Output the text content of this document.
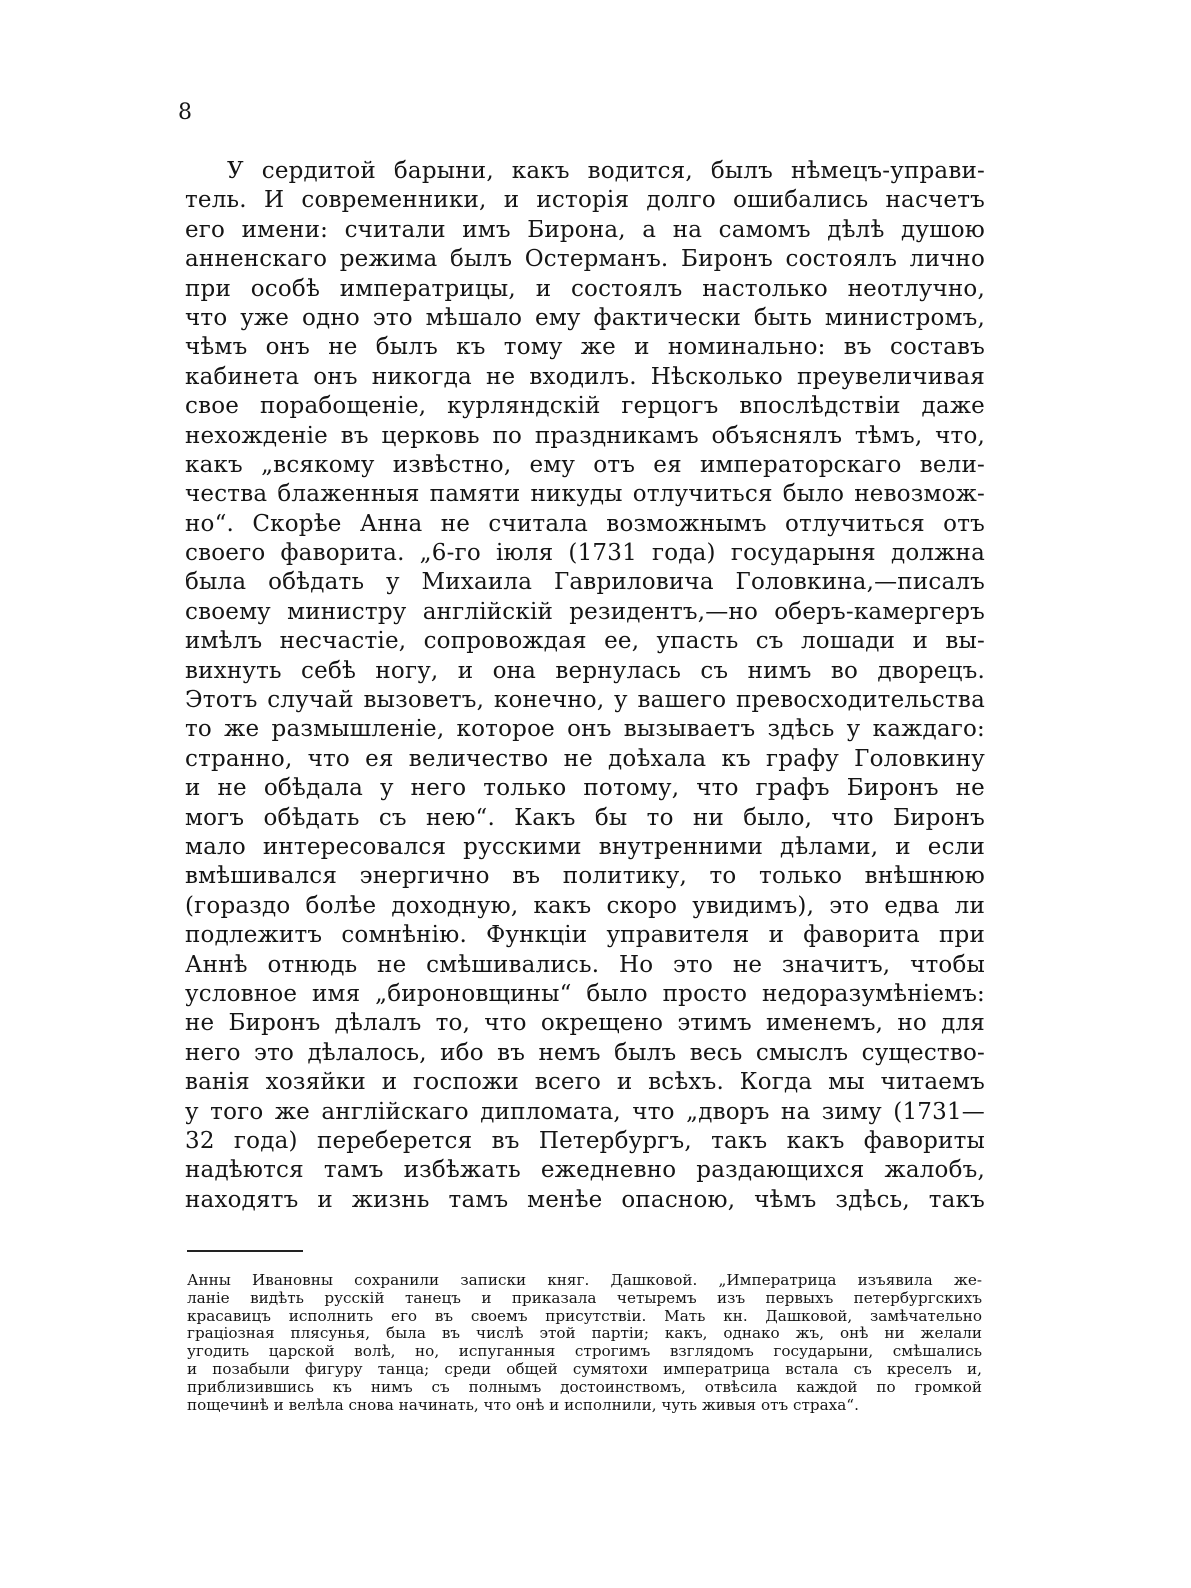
8
У сердитой барыни, какъ водится, былъ нѣмецъ-управи-
тель. И современники, и исторія долго ошибались насчетъ
его имени: считали имъ Бирона, а на самомъ дѣлѣ душою
анненскаго режима былъ Остерманъ. Биронъ состоялъ лично
при особѣ императрицы, и состоялъ настолько неотлучно,
что уже одно это мѣшало ему фактически быть министромъ,
чѣмъ онъ не былъ къ тому же и номинально: въ составъ
кабинета онъ никогда не входилъ. Нѣсколько преувеличивая
свое порабощеніе, курляндскій герцогъ впослѣдствіи даже
нехожденіе въ церковь по праздникамъ объяснялъ тѣмъ, что,
какъ „всякому извѣстно, ему отъ ея императорскаго вели-
чества блаженныя памяти никуды отлучиться было невозмож-
но“. Скорѣе Анна не считала возможнымъ отлучиться отъ
своего фаворита. „6-го іюля (1731 года) государыня должна
была обѣдать у Михаила Гавриловича Головкина,—писалъ
своему министру англійскій резидентъ,—но оберъ-камергеръ
имѣлъ несчастіе, сопровождая ее, упасть съ лошади и вы-
вихнуть себѣ ногу, и она вернулась съ нимъ во дворецъ.
Этотъ случай вызоветъ, конечно, у вашего превосходительства
то же размышленіе, которое онъ вызываетъ здѣсь у каждаго:
странно, что ея величество не доѣхала къ графу Головкину
и не обѣдала у него только потому, что графъ Биронъ не
могъ обѣдать съ нею“. Какъ бы то ни было, что Биронъ
мало интересовался русскими внутренними дѣлами, и если
вмѣшивался энергично въ политику, то только внѣшнюю
(гораздо болѣе доходную, какъ скоро увидимъ), это едва ли
подлежитъ сомнѣнію. Функціи управителя и фаворита при
Аннѣ отнюдь не смѣшивались. Но это не значитъ, чтобы
условное имя „бироновщины“ было просто недоразумѣніемъ:
не Биронъ дѣлалъ то, что окрещено этимъ именемъ, но для
него это дѣлалось, ибо въ немъ былъ весь смыслъ существо-
ванія хозяйки и госпожи всего и всѣхъ. Когда мы читаемъ
у того же англійскаго дипломата, что „дворъ на зиму (1731—
32 года) переберется въ Петербургъ, такъ какъ фавориты
надѣются тамъ избѣжать ежедневно раздающихся жалобъ,
находятъ и жизнь тамъ менѣе опасною, чѣмъ здѣсь, такъ
Анны Ивановны сохранили записки княг. Дашковой. „Императрица изъявила же-
ланіе видѣть русскій танецъ и приказала четыремъ изъ первыхъ петербургскихъ
красавицъ исполнить его въ своемъ присутствіи. Мать кн. Дашковой, замѣчательно
граціозная плясунья, была въ числѣ этой партіи; какъ, однако жъ, онѣ ни желали
угодить царской волѣ, но, испуганныя строгимъ взглядомъ государыни, смѣшались
и позабыли фигуру танца; среди общей сумятохи императрица встала съ креселъ и,
приблизившись къ нимъ съ полнымъ достоинствомъ, отвѣсила каждой по громкой
пощечинѣ и велѣла снова начинать, что онѣ и исполнили, чуть живыя отъ страха“.
